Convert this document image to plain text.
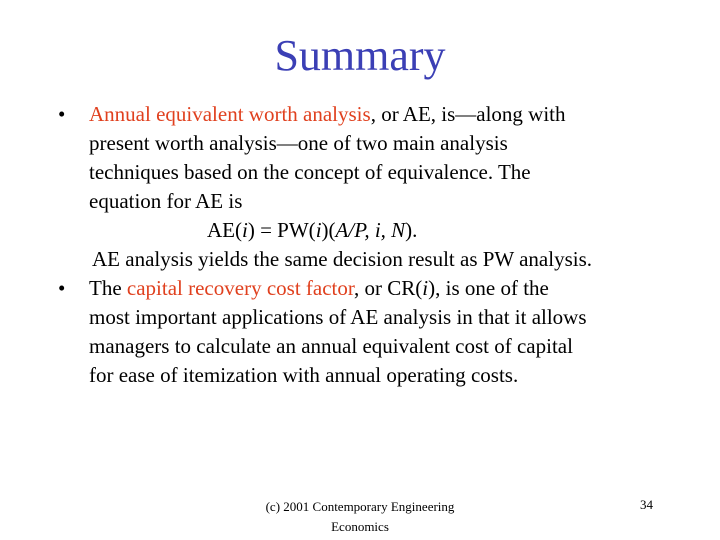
Summary
• Annual equivalent worth analysis, or AE, is—along with
present worth analysis—one of two main analysis
techniques based on the concept of equivalence. The
equation for AE is
AE(i) = PW(i)(A/P, i, N).
AE analysis yields the same decision result as PW analysis.
• The capital recovery cost factor, or CR(i), is one of the
most important applications of AE analysis in that it allows
managers to calculate an annual equivalent cost of capital
for ease of itemization with annual operating costs.
(c) 2001 Contemporary Engineering
Economics
34
